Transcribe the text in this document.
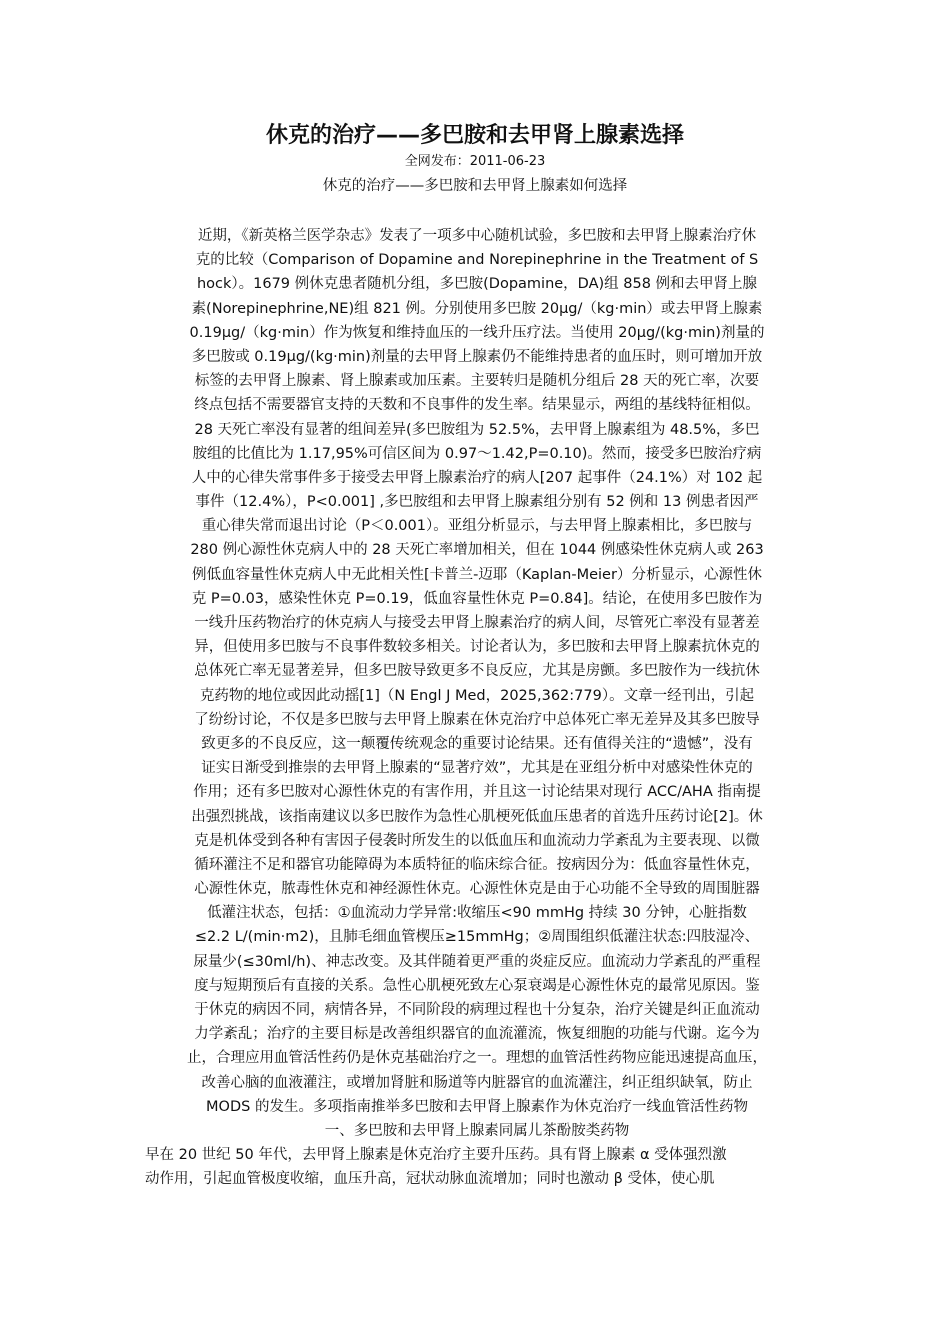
休克的治疗——多巴胺和去甲肾上腺素选择
全网发布：2011-06-23
休克的治疗——多巴胺和去甲肾上腺素如何选择
近期，《新英格兰医学杂志》发表了一项多中心随机试验，多巴胺和去甲肾上腺素治疗休
克的比较（Comparison of Dopamine and Norepinephrine in the Treatment of S
hock）。1679 例休克患者随机分组，多巴胺(Dopamine，DA)组 858 例和去甲肾上腺
素(Norepinephrine,NE)组 821 例。分别使用多巴胺 20μg/（kg·min）或去甲肾上腺素
0.19μg/（kg·min）作为恢复和维持血压的一线升压疗法。当使用 20μg/(kg·min)剂量的
多巴胺或 0.19μg/(kg·min)剂量的去甲肾上腺素仍不能维持患者的血压时，则可增加开放
标签的去甲肾上腺素、肾上腺素或加压素。主要转归是随机分组后 28 天的死亡率，次要
终点包括不需要器官支持的天数和不良事件的发生率。结果显示，两组的基线特征相似。
28 天死亡率没有显著的组间差异(多巴胺组为 52.5%，去甲肾上腺素组为 48.5%，多巴
胺组的比值比为 1.17,95%可信区间为 0.97～1.42,P=0.10)。然而，接受多巴胺治疗病
人中的心律失常事件多于接受去甲肾上腺素治疗的病人[207 起事件（24.1%）对 102 起
事件（12.4%），P<0.001] ,多巴胺组和去甲肾上腺素组分别有 52 例和 13 例患者因严
重心律失常而退出讨论（P＜0.001）。亚组分析显示，与去甲肾上腺素相比，多巴胺与
280 例心源性休克病人中的 28 天死亡率增加相关，但在 1044 例感染性休克病人或 263
例低血容量性休克病人中无此相关性[卡普兰-迈耶（Kaplan-Meier）分析显示，心源性休
克 P=0.03，感染性休克 P=0.19，低血容量性休克 P=0.84]。结论，在使用多巴胺作为
一线升压药物治疗的休克病人与接受去甲肾上腺素治疗的病人间，尽管死亡率没有显著差
异，但使用多巴胺与不良事件数较多相关。讨论者认为，多巴胺和去甲肾上腺素抗休克的
总体死亡率无显著差异，但多巴胺导致更多不良反应，尤其是房颤。多巴胺作为一线抗休
克药物的地位或因此动摇[1]（N Engl J Med，2025,362:779）。文章一经刊出，引起
了纷纷讨论，不仅是多巴胺与去甲肾上腺素在休克治疗中总体死亡率无差异及其多巴胺导
致更多的不良反应，这一颠覆传统观念的重要讨论结果。还有值得关注的“遗憾”，没有
证实日渐受到推崇的去甲肾上腺素的“显著疗效”，尤其是在亚组分析中对感染性休克的
作用；还有多巴胺对心源性休克的有害作用，并且这一讨论结果对现行 ACC/AHA 指南提
出强烈挑战，该指南建议以多巴胺作为急性心肌梗死低血压患者的首选升压药讨论[2]。休
克是机体受到各种有害因子侵袭时所发生的以低血压和血流动力学紊乱为主要表现、以微
循环灌注不足和器官功能障碍为本质特征的临床综合征。按病因分为：低血容量性休克，
心源性休克，脓毒性休克和神经源性休克。心源性休克是由于心功能不全导致的周围脏器
低灌注状态，包括：①血流动力学异常:收缩压<90 mmHg 持续 30 分钟，心脏指数
≤2.2 L/(min·m2)，且肺毛细血管楔压≥15mmHg；②周围组织低灌注状态:四肢湿冷、
尿量少(≤30ml/h)、神志改变。及其伴随着更严重的炎症反应。血流动力学紊乱的严重程
度与短期预后有直接的关系。急性心肌梗死致左心泵衰竭是心源性休克的最常见原因。鉴
于休克的病因不同，病情各异，不同阶段的病理过程也十分复杂，治疗关键是纠正血流动
力学紊乱；治疗的主要目标是改善组织器官的血流灌流，恢复细胞的功能与代谢。迄今为
止，合理应用血管活性药仍是休克基础治疗之一。理想的血管活性药物应能迅速提高血压，
改善心脑的血液灌注，或增加肾脏和肠道等内脏器官的血流灌注，纠正组织缺氧，防止
MODS 的发生。多项指南推举多巴胺和去甲肾上腺素作为休克治疗一线血管活性药物
一、多巴胺和去甲肾上腺素同属儿茶酚胺类药物
早在 20 世纪 50 年代，去甲肾上腺素是休克治疗主要升压药。具有肾上腺素 α 受体强烈激
动作用，引起血管极度收缩，血压升高，冠状动脉血流增加；同时也激动 β 受体，使心肌
